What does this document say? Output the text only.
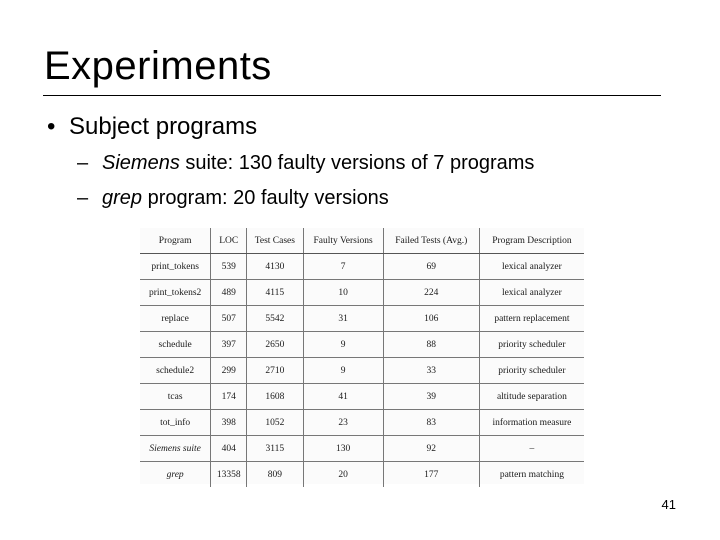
Experiments
• Subject programs
– Siemens suite: 130 faulty versions of 7 programs
– grep program: 20 faulty versions
Program	LOC	Test Cases	Faulty Versions	Failed Tests (Avg.)	Program Description
print_tokens	539	4130	7	69	lexical analyzer
print_tokens2	489	4115	10	224	lexical analyzer
replace	507	5542	31	106	pattern replacement
schedule	397	2650	9	88	priority scheduler
schedule2	299	2710	9	33	priority scheduler
tcas	174	1608	41	39	altitude separation
tot_info	398	1052	23	83	information measure
Siemens suite	404	3115	130	92	–
grep	13358	809	20	177	pattern matching
41
